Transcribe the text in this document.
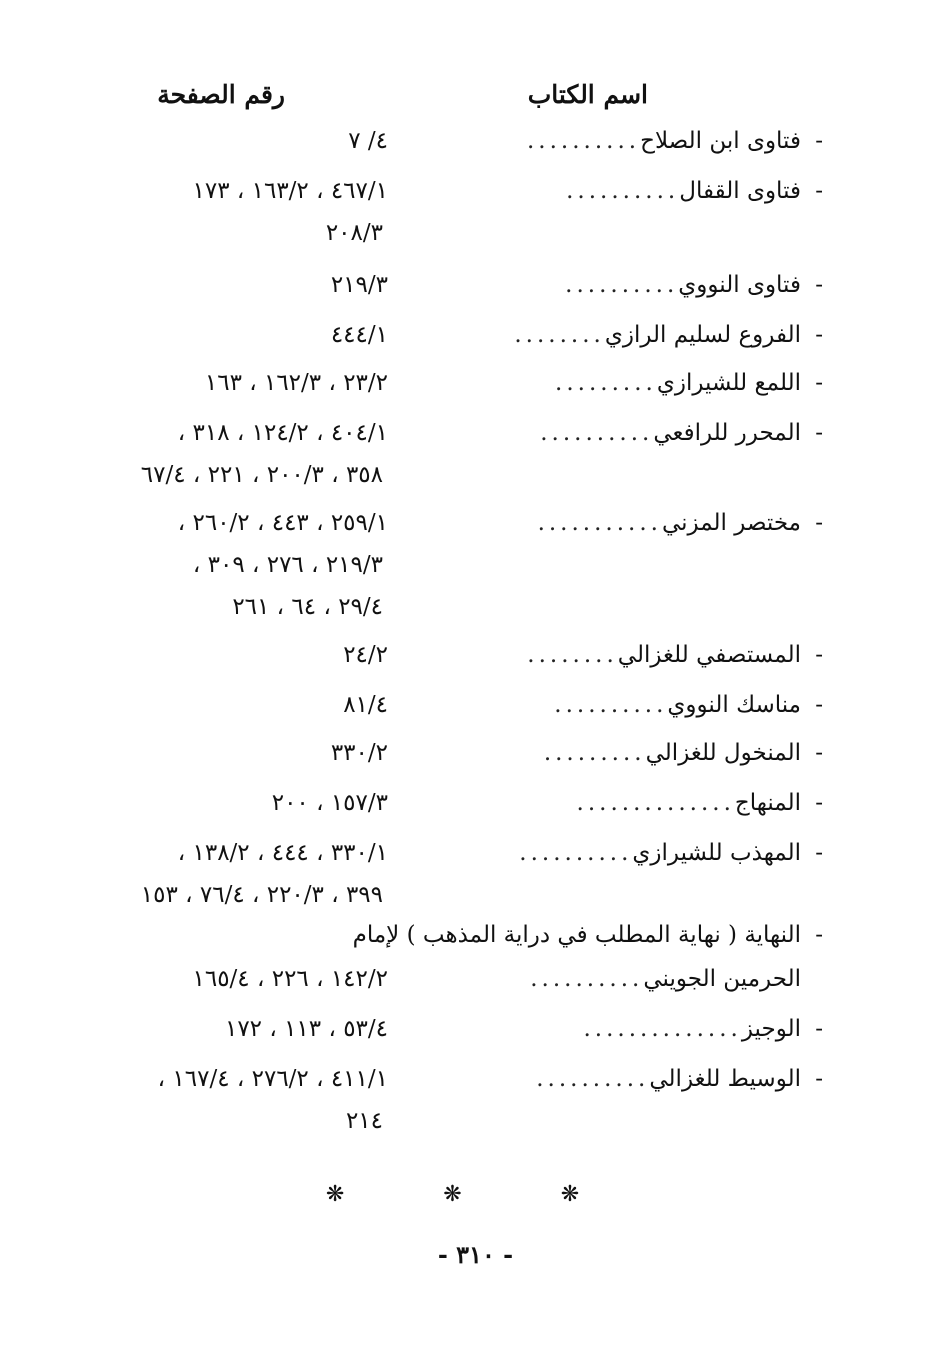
اسم الكتاب
رقم الصفحة
-فتاوى ابن الصلاح..........
٤/ ٧
-فتاوى القفال..........
٤٦٧/١ ، ١٦٣/٢ ، ١٧٣
٢٠٨/٣
-فتاوى النووي..........
٢١٩/٣
-الفروع لسليم الرازي........
٤٤٤/١
-اللمع للشيرازي.........
٢٣/٢ ، ١٦٢/٣ ، ١٦٣
-المحرر للرافعي..........
٤٠٤/١ ، ١٢٤/٢ ، ٣١٨ ،
٣٥٨ ، ٢٠٠/٣ ، ٢٢١ ، ٦٧/٤
-مختصر المزني...........
٢٥٩/١ ، ٤٤٣ ، ٢٦٠/٢ ،
٢١٩/٣ ، ٢٧٦ ، ٣٠٩ ،
٢٩/٤ ، ٦٤ ، ٢٦١
-المستصفي للغزالي........
٢٤/٢
-مناسك النووي..........
٨١/٤
-المنخول للغزالي.........
٣٣٠/٢
-المنهاج..............
١٥٧/٣ ، ٢٠٠
-المهذب للشيرازي..........
٣٣٠/١ ، ٤٤٤ ، ١٣٨/٢ ،
٣٩٩ ، ٢٢٠/٣ ، ٧٦/٤ ، ١٥٣
-النهاية ( نهاية المطلب في دراية المذهب ) لإمام
الحرمين الجويني..........
١٤٢/٢ ، ٢٢٦ ، ١٦٥/٤
-الوجيز..............
٥٣/٤ ، ١١٣ ، ١٧٢
-الوسيط للغزالي..........
٤١١/١ ، ٢٧٦/٢ ، ١٦٧/٤ ،
٢١٤
❋ ❋ ❋
- ٣١٠ -
